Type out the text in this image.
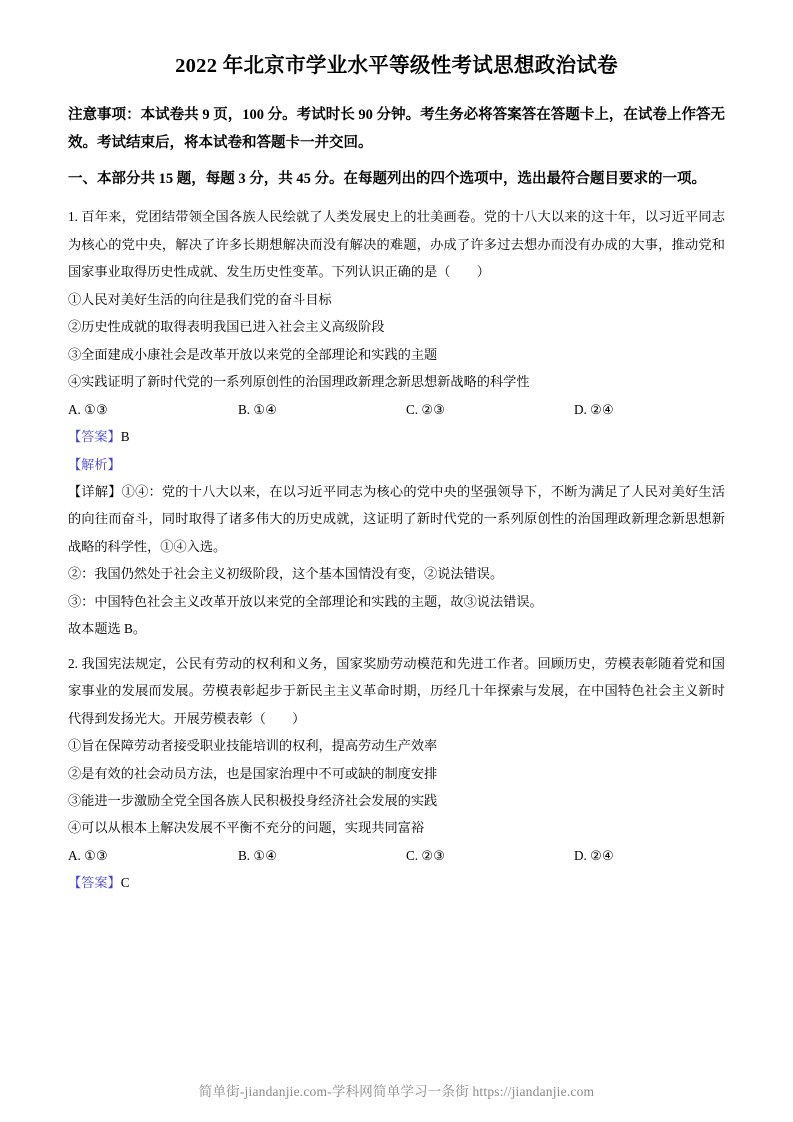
2022 年北京市学业水平等级性考试思想政治试卷

注意事项：本试卷共 9 页，100 分。考试时长 90 分钟。考生务必将答案答在答题卡上，在试卷上作答无效。考试结束后，将本试卷和答题卡一并交回。

一、本部分共 15 题，每题 3 分，共 45 分。在每题列出的四个选项中，选出最符合题目要求的一项。

1. 百年来，党团结带领全国各族人民绘就了人类发展史上的壮美画卷。党的十八大以来的这十年，以习近平同志为核心的党中央，解决了许多长期想解决而没有解决的难题，办成了许多过去想办而没有办成的大事，推动党和国家事业取得历史性成就、发生历史性变革。下列认识正确的是（　　）

①人民对美好生活的向往是我们党的奋斗目标

②历史性成就的取得表明我国已进入社会主义高级阶段

③全面建成小康社会是改革开放以来党的全部理论和实践的主题

④实践证明了新时代党的一系列原创性的治国理政新理念新思想新战略的科学性

A. ①③	B. ①④	C. ②③	D. ②④

【答案】B

【解析】

【详解】①④：党的十八大以来，在以习近平同志为核心的党中央的坚强领导下，不断为满足了人民对美好生活的向往而奋斗，同时取得了诸多伟大的历史成就，这证明了新时代党的一系列原创性的治国理政新理念新思想新战略的科学性，①④入选。

②：我国仍然处于社会主义初级阶段，这个基本国情没有变，②说法错误。

③：中国特色社会主义改革开放以来党的全部理论和实践的主题，故③说法错误。

故本题选 B。

2. 我国宪法规定，公民有劳动的权利和义务，国家奖励劳动模范和先进工作者。回顾历史，劳模表彰随着党和国家事业的发展而发展。劳模表彰起步于新民主主义革命时期，历经几十年探索与发展，在中国特色社会主义新时代得到发扬光大。开展劳模表彰（　　）

①旨在保障劳动者接受职业技能培训的权利，提高劳动生产效率

②是有效的社会动员方法，也是国家治理中不可或缺的制度安排

③能进一步激励全党全国各族人民积极投身经济社会发展的实践

④可以从根本上解决发展不平衡不充分的问题，实现共同富裕

A. ①③	B. ①④	C. ②③	D. ②④

【答案】C

简单街-jiandanjie.com-学科网简单学习一条街 https://jiandanjie.com
